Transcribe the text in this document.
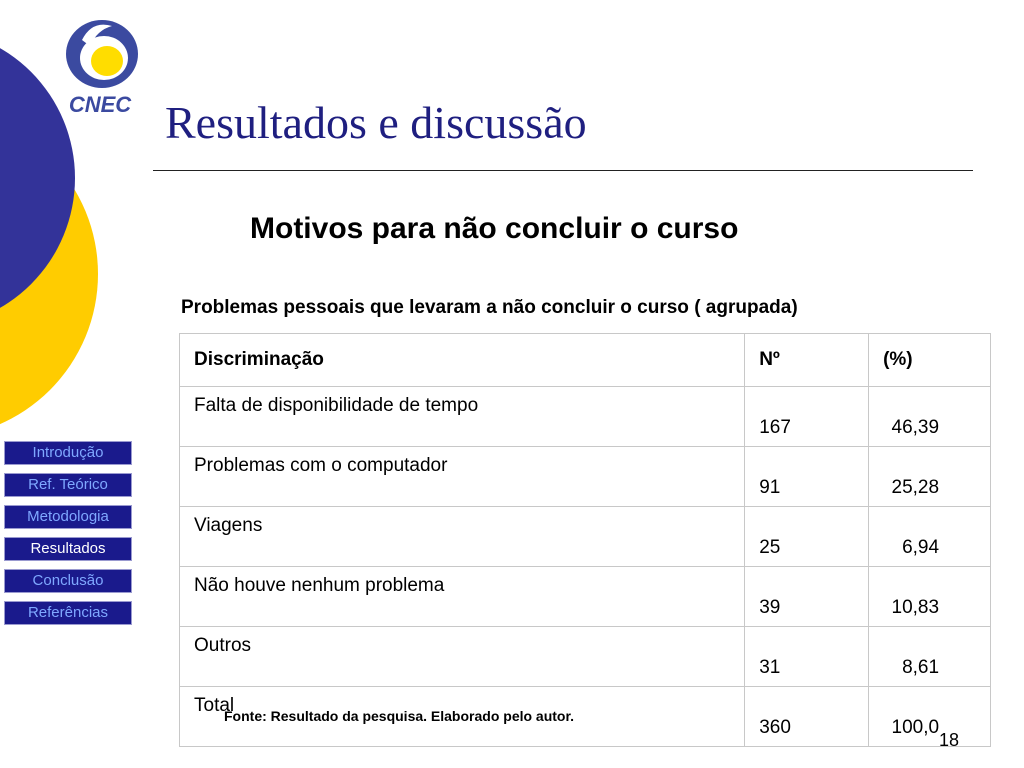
CNEC Resultados e discussão
Motivos para não concluir o curso

Problemas pessoais que levaram a não concluir o curso ( agrupada)

Discriminação	Nº	(%)
Falta de disponibilidade de tempo	167	46,39
Problemas com o computador	91	25,28
Viagens	25	6,94
Não houve nenhum problema	39	10,83
Outros	31	8,61
Total	360	100,0

Fonte: Resultado da pesquisa. Elaborado pelo autor.

18
Introdução
Ref. Teórico
Metodologia
Resultados
Conclusão
Referências
